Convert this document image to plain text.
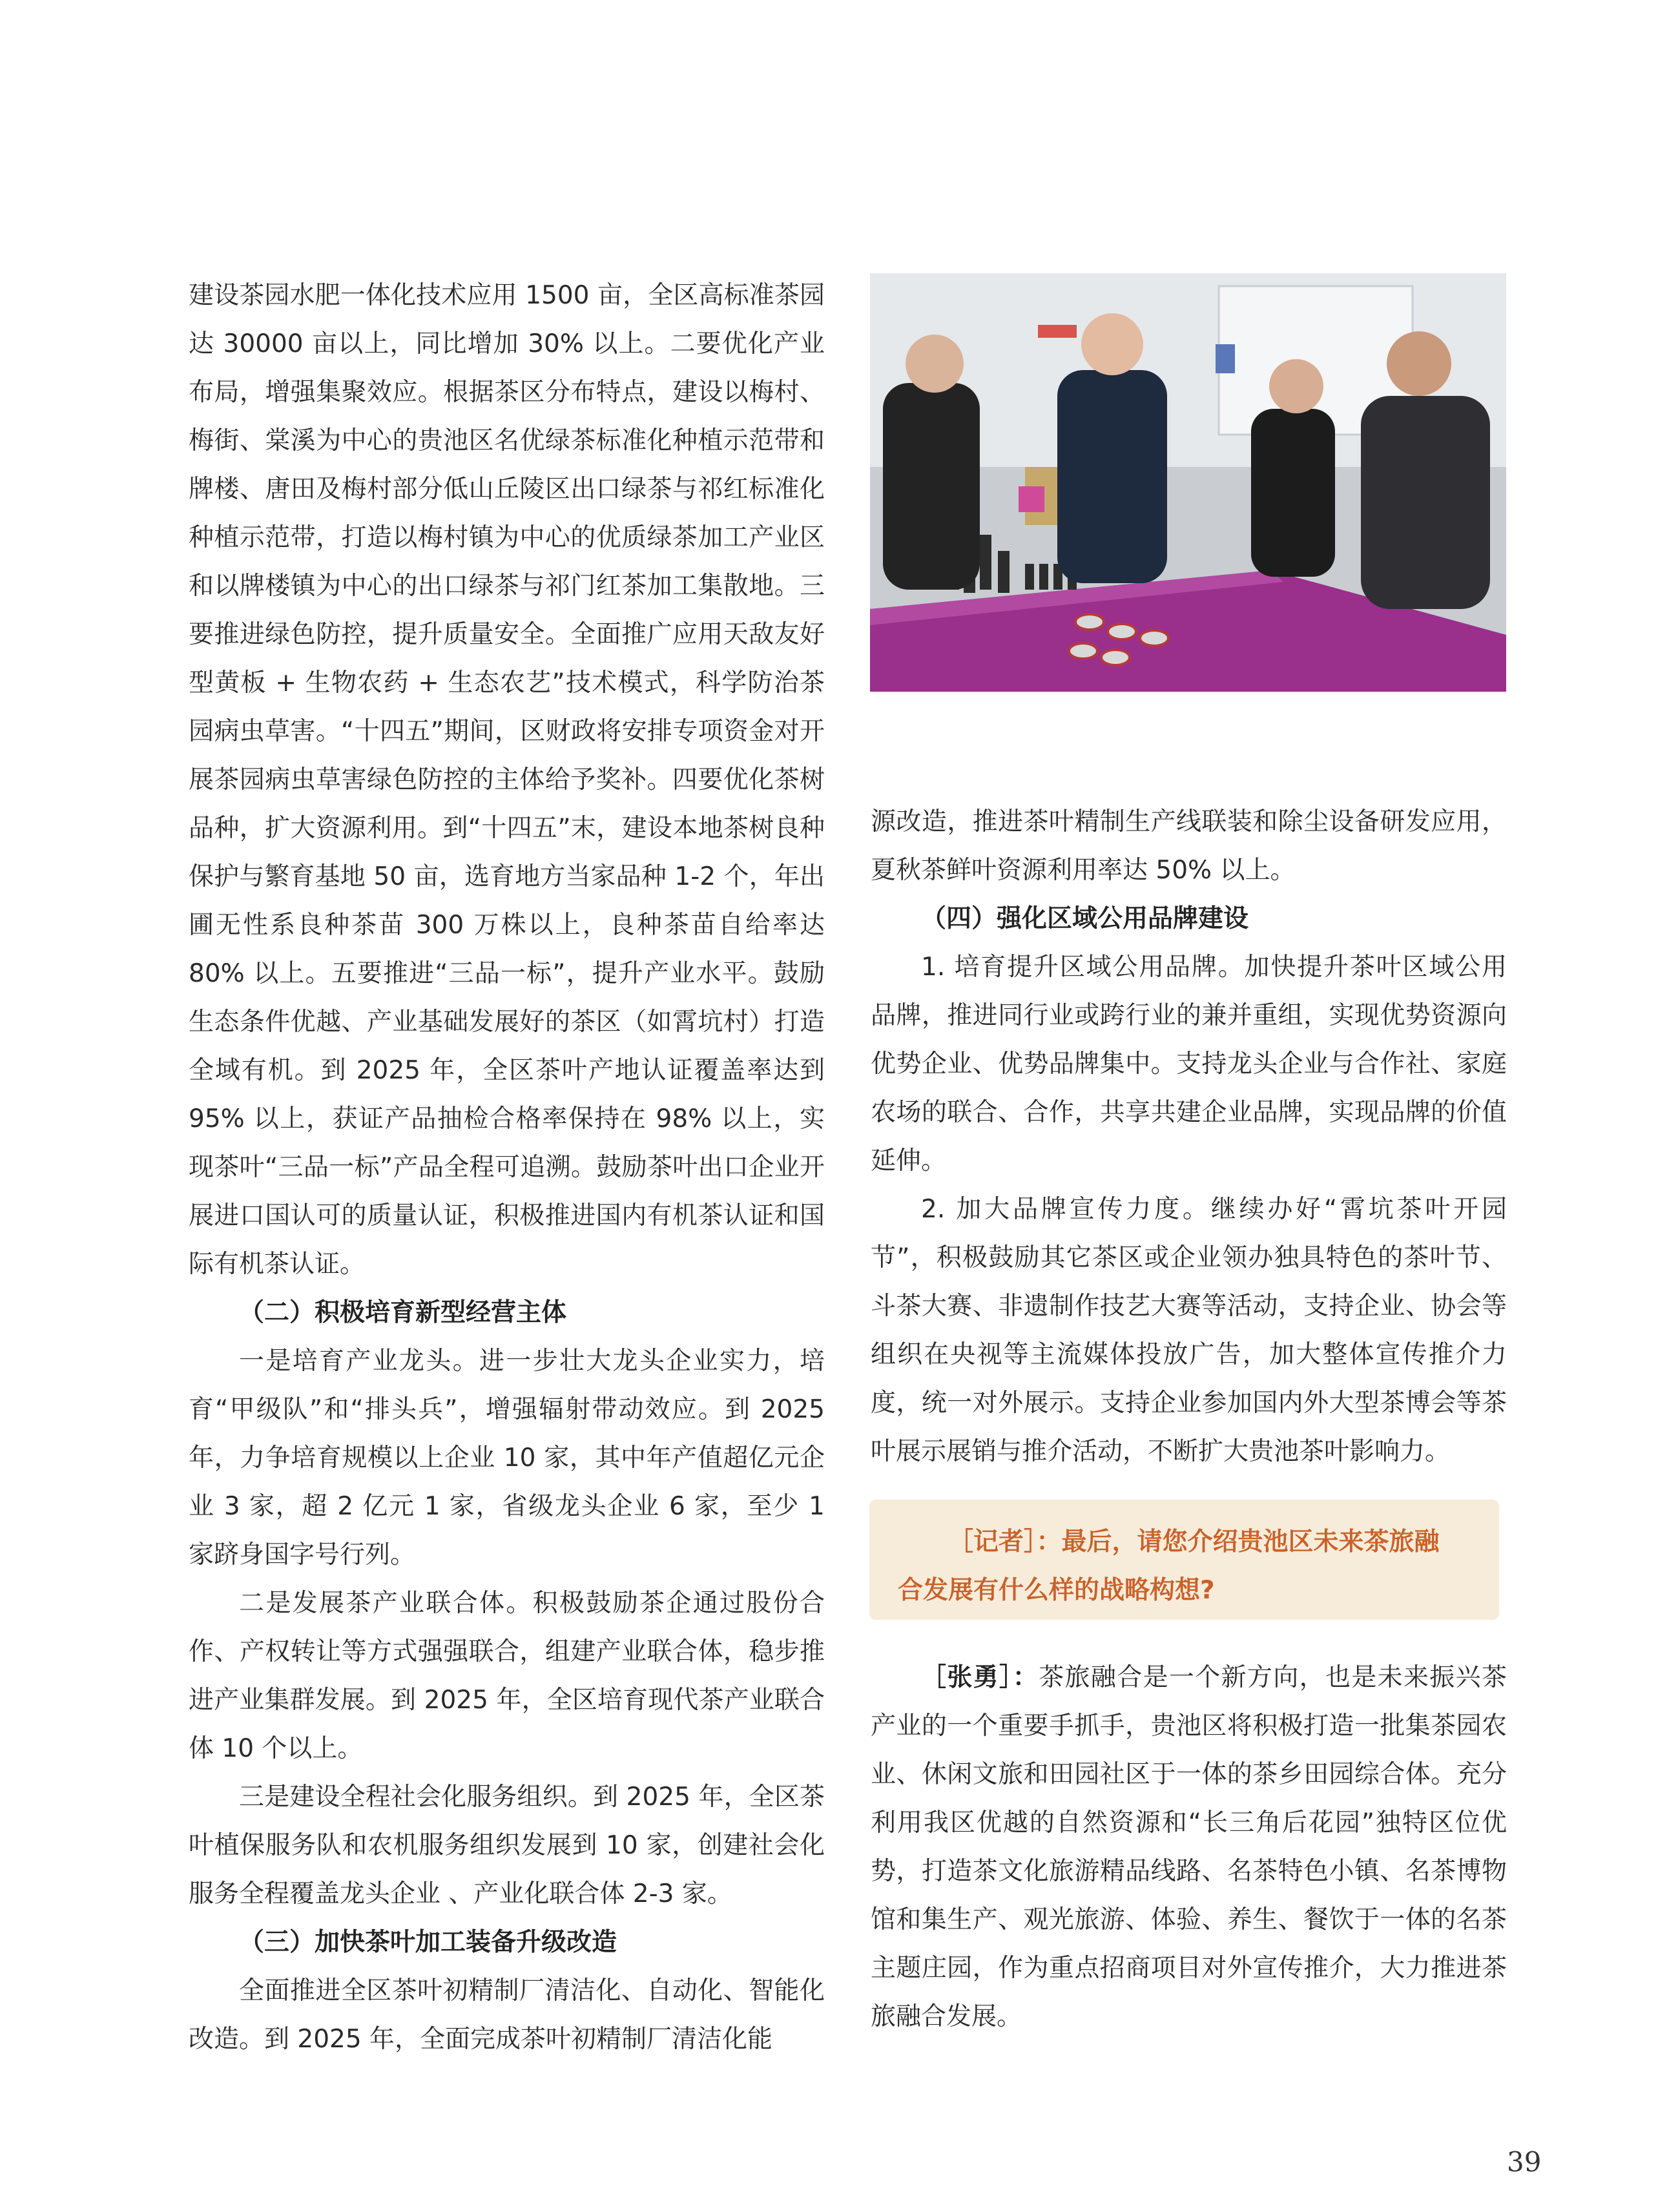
建设茶园水肥一体化技术应用 1500 亩，全区高标准茶园达 30000 亩以上，同比增加 30% 以上。二要优化产业布局，增强集聚效应。根据茶区分布特点，建设以梅村、梅街、棠溪为中心的贵池区名优绿茶标准化种植示范带和牌楼、唐田及梅村部分低山丘陵区出口绿茶与祁红标准化种植示范带，打造以梅村镇为中心的优质绿茶加工产业区和以牌楼镇为中心的出口绿茶与祁门红茶加工集散地。三要推进绿色防控，提升质量安全。全面推广应用天敌友好型黄板 + 生物农药 + 生态农艺”技术模式，科学防治茶园病虫草害。“十四五”期间，区财政将安排专项资金对开展茶园病虫草害绿色防控的主体给予奖补。四要优化茶树品种，扩大资源利用。到“十四五”末，建设本地茶树良种保护与繁育基地 50 亩，选育地方当家品种 1-2 个，年出圃无性系良种茶苗 300 万株以上，良种茶苗自给率达 80% 以上。五要推进“三品一标”，提升产业水平。鼓励生态条件优越、产业基础发展好的茶区（如霄坑村）打造全域有机。到 2025 年，全区茶叶产地认证覆盖率达到 95% 以上，获证产品抽检合格率保持在 98% 以上，实现茶叶“三品一标”产品全程可追溯。鼓励茶叶出口企业开展进口国认可的质量认证，积极推进国内有机茶认证和国际有机茶认证。

（二）积极培育新型经营主体

一是培育产业龙头。进一步壮大龙头企业实力，培育“甲级队”和“排头兵”，增强辐射带动效应。到 2025 年，力争培育规模以上企业 10 家，其中年产值超亿元企业 3 家，超 2 亿元 1 家，省级龙头企业 6 家，至少 1 家跻身国字号行列。

二是发展茶产业联合体。积极鼓励茶企通过股份合作、产权转让等方式强强联合，组建产业联合体，稳步推进产业集群发展。到 2025 年，全区培育现代茶产业联合体 10 个以上。

三是建设全程社会化服务组织。到 2025 年，全区茶叶植保服务队和农机服务组织发展到 10 家，创建社会化服务全程覆盖龙头企业 、产业化联合体 2-3 家。

（三）加快茶叶加工装备升级改造

全面推进全区茶叶初精制厂清洁化、自动化、智能化改造。到 2025 年，全面完成茶叶初精制厂清洁化能

源改造，推进茶叶精制生产线联装和除尘设备研发应用，夏秋茶鲜叶资源利用率达 50% 以上。

（四）强化区域公用品牌建设

1. 培育提升区域公用品牌。加快提升茶叶区域公用品牌，推进同行业或跨行业的兼并重组，实现优势资源向优势企业、优势品牌集中。支持龙头企业与合作社、家庭农场的联合、合作，共享共建企业品牌，实现品牌的价值延伸。

2. 加大品牌宣传力度。继续办好“霄坑茶叶开园节”，积极鼓励其它茶区或企业领办独具特色的茶叶节、斗茶大赛、非遗制作技艺大赛等活动，支持企业、协会等组织在央视等主流媒体投放广告，加大整体宣传推介力度，统一对外展示。支持企业参加国内外大型茶博会等茶叶展示展销与推介活动，不断扩大贵池茶叶影响力。

［记者］：最后，请您介绍贵池区未来茶旅融

合发展有什么样的战略构想?

［张勇］：茶旅融合是一个新方向，也是未来振兴茶产业的一个重要手抓手，贵池区将积极打造一批集茶园农业、休闲文旅和田园社区于一体的茶乡田园综合体。充分利用我区优越的自然资源和“长三角后花园”独特区位优势，打造茶文化旅游精品线路、名茶特色小镇、名茶博物馆和集生产、观光旅游、体验、养生、餐饮于一体的名茶主题庄园，作为重点招商项目对外宣传推介，大力推进茶旅融合发展。

39
